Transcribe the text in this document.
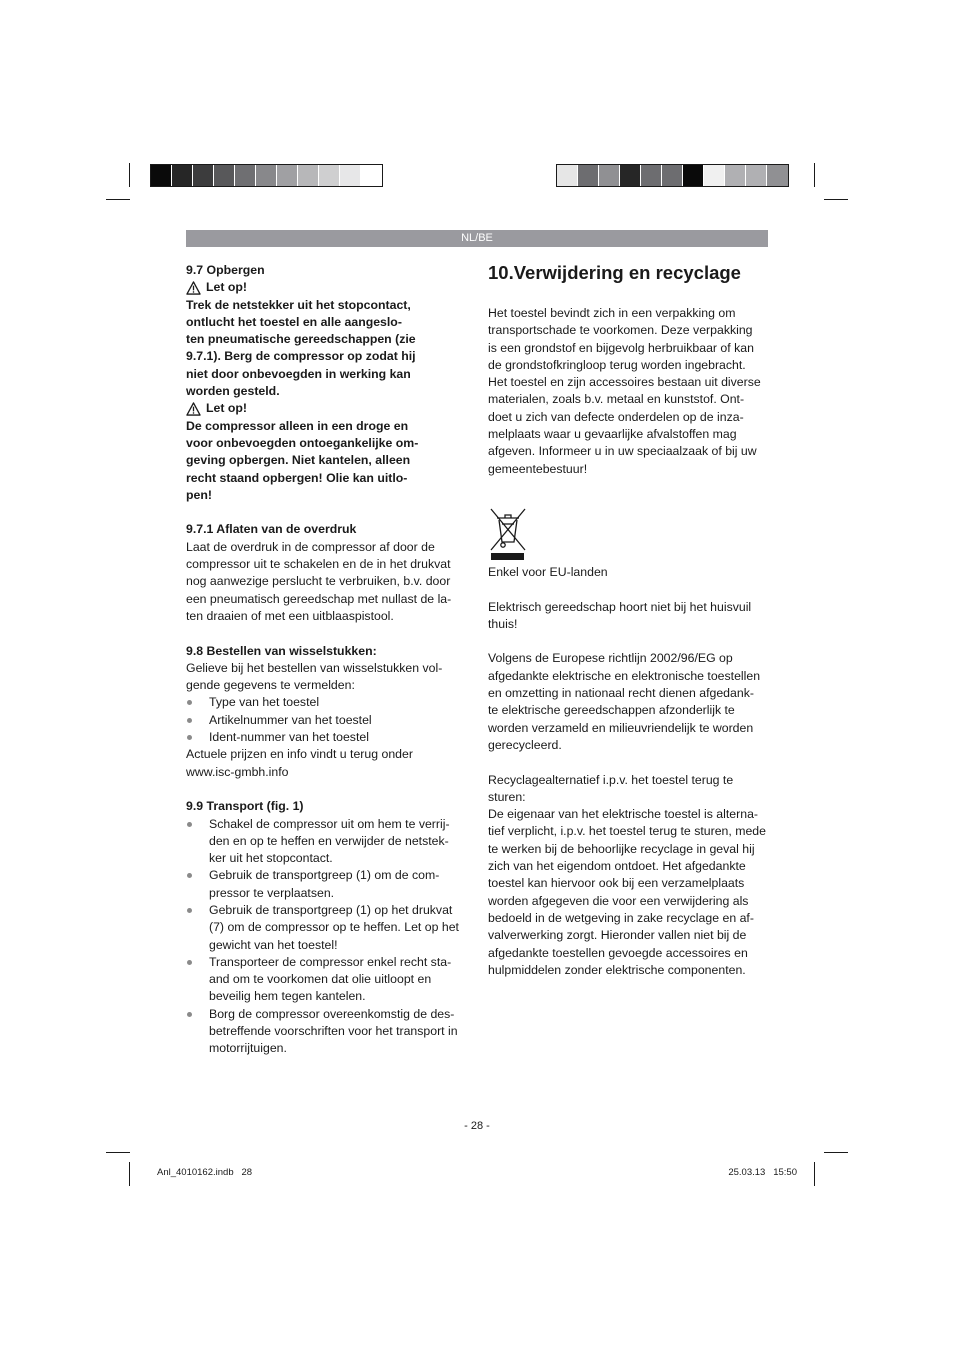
NL/BE
9.7 Opbergen
Let op!
Trek de netstekker uit het stopcontact,
ontlucht het toestel en alle aangeslo-
ten pneumatische gereedschappen (zie
9.7.1). Berg de compressor op zodat hij
niet door onbevoegden in werking kan
worden gesteld.
Let op!
De compressor alleen in een droge en
voor onbevoegden ontoegankelijke om-
geving opbergen. Niet kantelen, alleen
recht staand opbergen! Olie kan uitlo-
pen!
9.7.1 Aflaten van de overdruk
Laat de overdruk in de compressor af door de
compressor uit te schakelen en de in het drukvat
nog aanwezige perslucht te verbruiken, b.v. door
een pneumatisch gereedschap met nullast de la-
ten draaien of met een uitblaaspistool.
9.8 Bestellen van wisselstukken:
Gelieve bij het bestellen van wisselstukken vol-
gende gegevens te vermelden:
Type van het toestel
Artikelnummer van het toestel
Ident-nummer van het toestel
Actuele prijzen en info vindt u terug onder
www.isc-gmbh.info
9.9 Transport (fig. 1)
Schakel de compressor uit om hem te verrij-
den en op te heffen en verwijder de netstek-
ker uit het stopcontact.
Gebruik de transportgreep (1) om de com-
pressor te verplaatsen.
Gebruik de transportgreep (1) op het drukvat
(7) om de compressor op te heffen. Let op het
gewicht van het toestel!
Transporteer de compressor enkel recht sta-
and om te voorkomen dat olie uitloopt en
beveilig hem tegen kantelen.
Borg de compressor overeenkomstig de des-
betreffende voorschriften voor het transport in
motorrijtuigen.
10.Verwijdering en recyclage
Het toestel bevindt zich in een verpakking om
transportschade te voorkomen. Deze verpakking
is een grondstof en bijgevolg herbruikbaar of kan
de grondstofkringloop terug worden ingebracht.
Het toestel en zijn accessoires bestaan uit diverse
materialen, zoals b.v. metaal en kunststof. Ont-
doet u zich van defecte onderdelen op de inza-
melplaats waar u gevaarlijke afvalstoffen mag
afgeven. Informeer u in uw speciaalzaak of bij uw
gemeentebestuur!
Enkel voor EU-landen
Elektrisch gereedschap hoort niet bij het huisvuil
thuis!
Volgens de Europese richtlijn 2002/96/EG op
afgedankte elektrische en elektronische toestellen
en omzetting in nationaal recht dienen afgedank-
te elektrische gereedschappen afzonderlijk te
worden verzameld en milieuvriendelijk te worden
gerecycleerd.
Recyclagealternatief i.p.v. het toestel terug te
sturen:
De eigenaar van het elektrische toestel is alterna-
tief verplicht, i.p.v. het toestel terug te sturen, mede
te werken bij de behoorlijke recyclage in geval hij
zich van het eigendom ontdoet. Het afgedankte
toestel kan hiervoor ook bij een verzamelplaats
worden afgegeven die voor een verwijdering als
bedoeld in de wetgeving in zake recyclage en af-
valverwerking zorgt. Hieronder vallen niet bij de
afgedankte toestellen gevoegde accessoires en
hulpmiddelen zonder elektrische componenten.
- 28 -
Anl_4010162.indb   28	25.03.13   15:50
